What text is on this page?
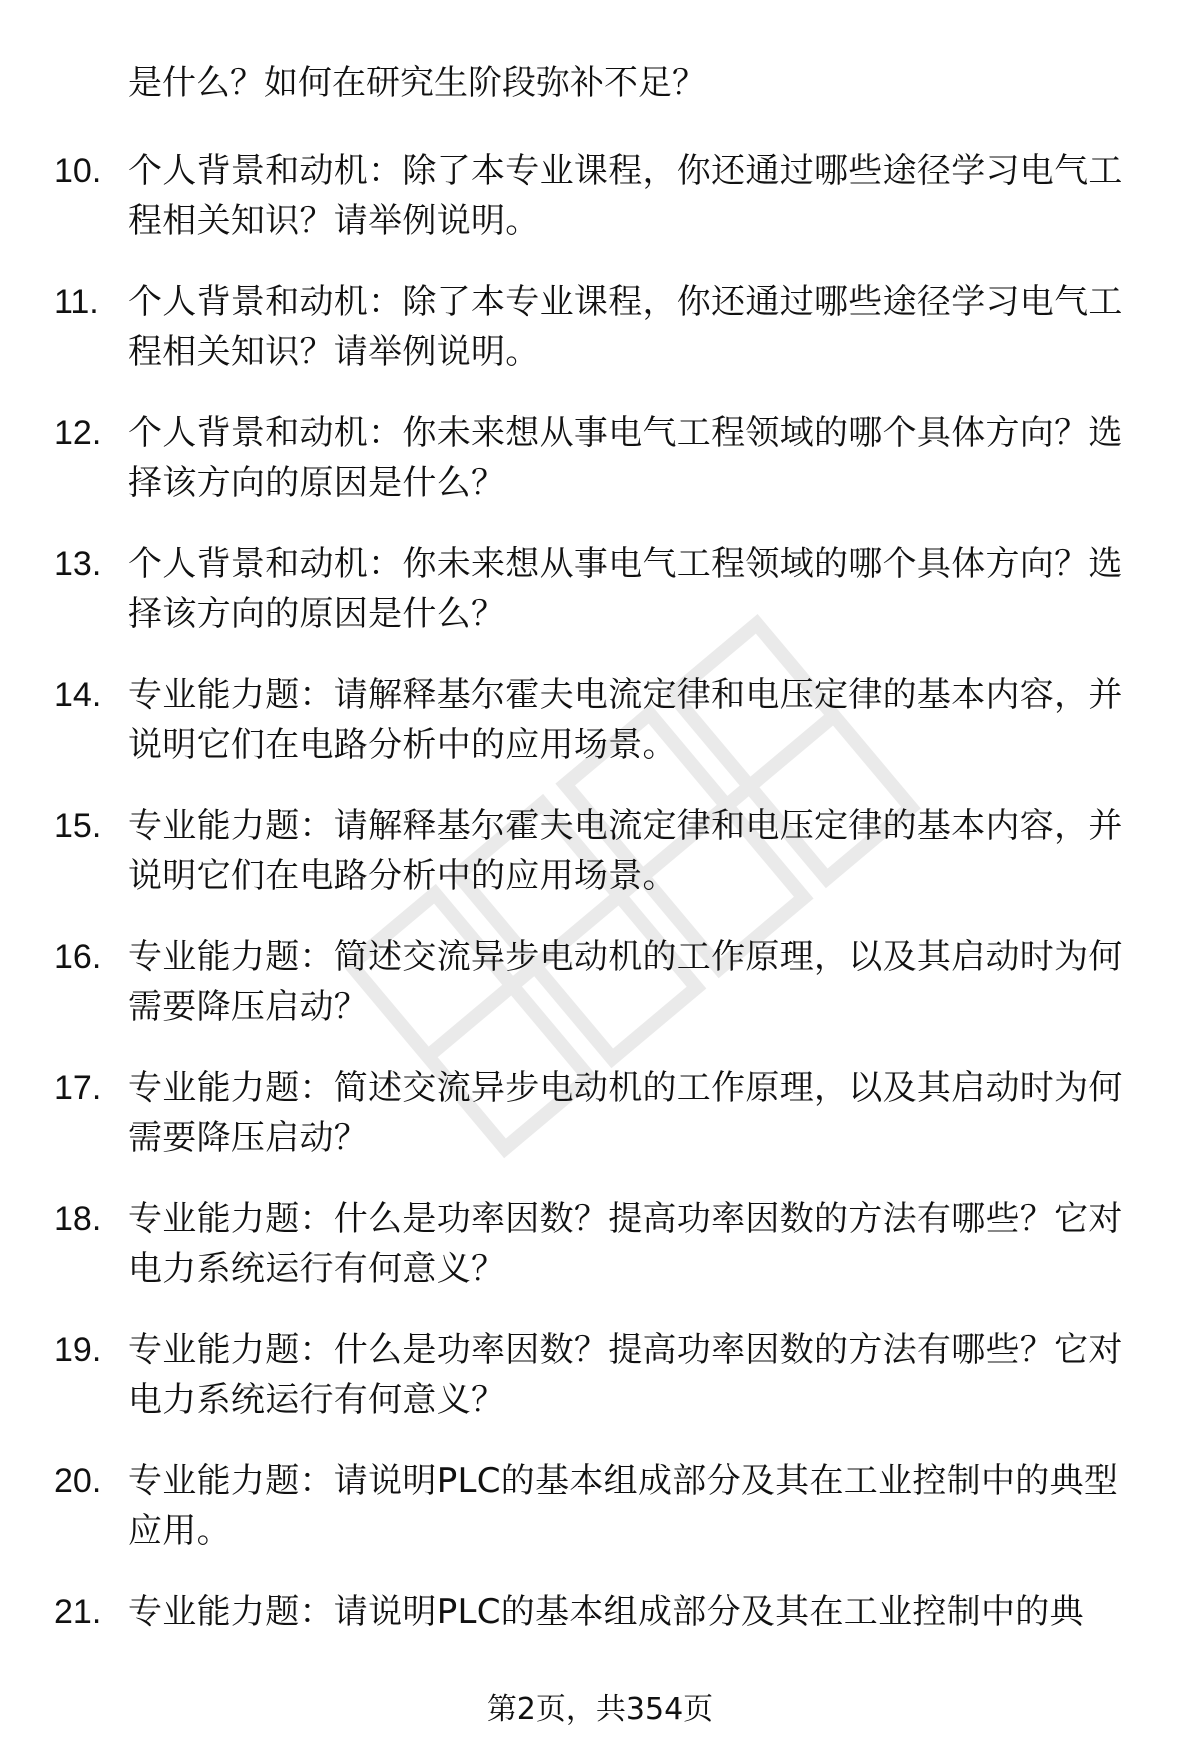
是什么？如何在研究生阶段弥补不足？
10. 个人背景和动机：除了本专业课程，你还通过哪些途径学习电气工程相关知识？请举例说明。
11. 个人背景和动机：除了本专业课程，你还通过哪些途径学习电气工程相关知识？请举例说明。
12. 个人背景和动机：你未来想从事电气工程领域的哪个具体方向？选择该方向的原因是什么？
13. 个人背景和动机：你未来想从事电气工程领域的哪个具体方向？选择该方向的原因是什么？
14. 专业能力题：请解释基尔霍夫电流定律和电压定律的基本内容，并说明它们在电路分析中的应用场景。
15. 专业能力题：请解释基尔霍夫电流定律和电压定律的基本内容，并说明它们在电路分析中的应用场景。
16. 专业能力题：简述交流异步电动机的工作原理，以及其启动时为何需要降压启动？
17. 专业能力题：简述交流异步电动机的工作原理，以及其启动时为何需要降压启动？
18. 专业能力题：什么是功率因数？提高功率因数的方法有哪些？它对电力系统运行有何意义？
19. 专业能力题：什么是功率因数？提高功率因数的方法有哪些？它对电力系统运行有何意义？
20. 专业能力题：请说明PLC的基本组成部分及其在工业控制中的典型应用。
21. 专业能力题：请说明PLC的基本组成部分及其在工业控制中的典
第2页，共354页
